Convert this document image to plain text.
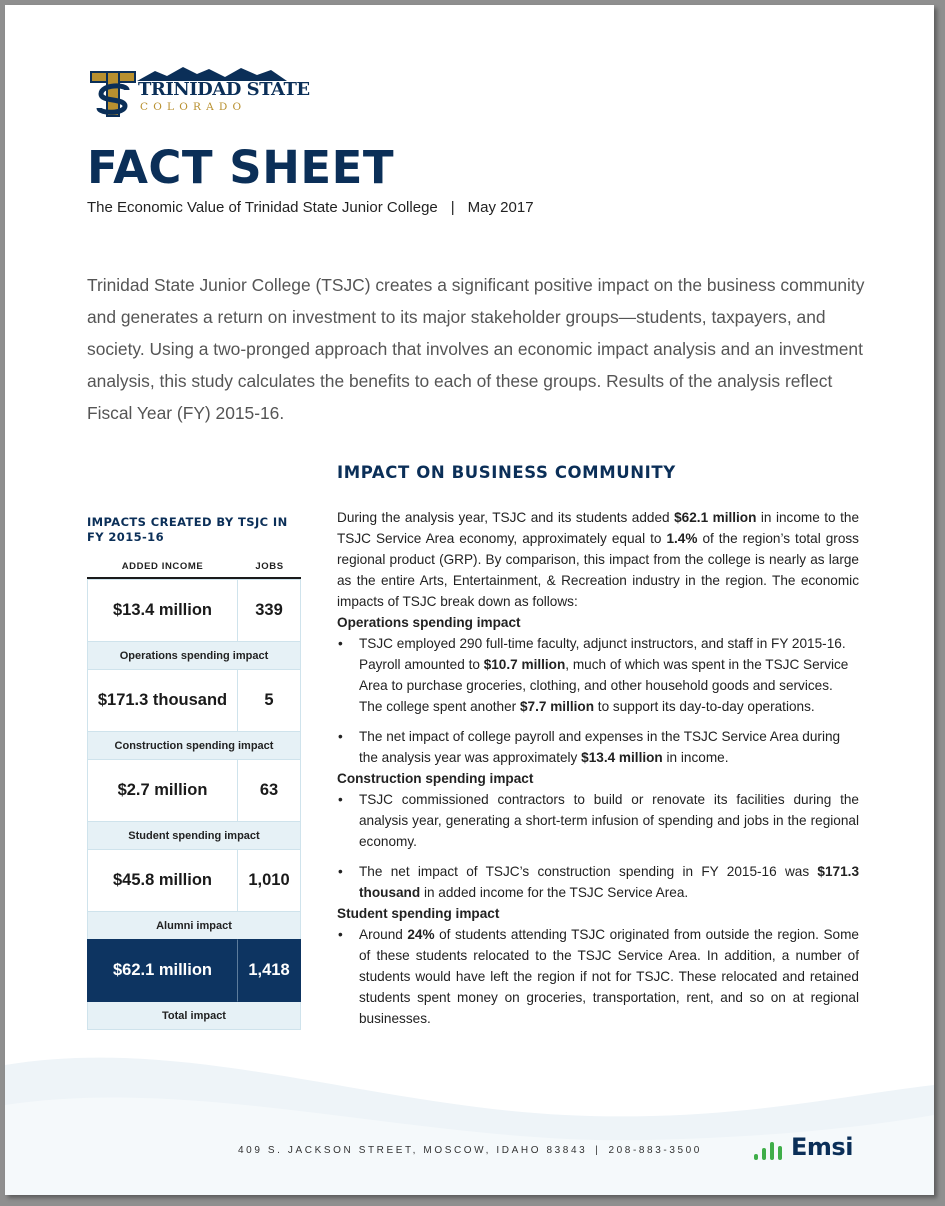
TRINIDAD STATE
COLORADO
FACT SHEET
The Economic Value of Trinidad State Junior College | May 2017
Trinidad State Junior College (TSJC) creates a significant positive impact on the business community and generates a return on investment to its major stakeholder groups—students, taxpayers, and society. Using a two-pronged approach that involves an economic impact analysis and an investment analysis, this study calculates the benefits to each of these groups. Results of the analysis reflect Fiscal Year (FY) 2015-16.
IMPACT ON BUSINESS COMMUNITY
IMPACTS CREATED BY TSJC IN FY 2015-16
ADDED INCOME	JOBS
$13.4 million	339
Operations spending impact
$171.3 thousand	5
Construction spending impact
$2.7 million	63
Student spending impact
$45.8 million	1,010
Alumni impact
$62.1 million	1,418
Total impact

During the analysis year, TSJC and its students added $62.1 million in income to the TSJC Service Area economy, approximately equal to 1.4% of the region’s total gross regional product (GRP). By comparison, this impact from the college is nearly as large as the entire Arts, Entertainment, & Recreation industry in the region. The economic impacts of TSJC break down as follows:

Operations spending impact

• TSJC employed 290 full-time faculty, adjunct instructors, and staff in FY 2015-16. Payroll amounted to $10.7 million, much of which was spent in the TSJC Service Area to purchase groceries, clothing, and other household goods and services. The college spent another $7.7 million to support its day-to-day operations.

• The net impact of college payroll and expenses in the TSJC Service Area during the analysis year was approximately $13.4 million in income.

Construction spending impact

• TSJC commissioned contractors to build or renovate its facilities during the analysis year, generating a short-term infusion of spending and jobs in the regional economy.

• The net impact of TSJC’s construction spending in FY 2015-16 was $171.3 thousand in added income for the TSJC Service Area.

Student spending impact

• Around 24% of students attending TSJC originated from outside the region. Some of these students relocated to the TSJC Service Area. In addition, a number of students would have left the region if not for TSJC. These relocated and retained students spent money on groceries, transportation, rent, and so on at regional businesses.

409 S. JACKSON STREET, MOSCOW, IDAHO 83843 | 208-883-3500	Emsi
